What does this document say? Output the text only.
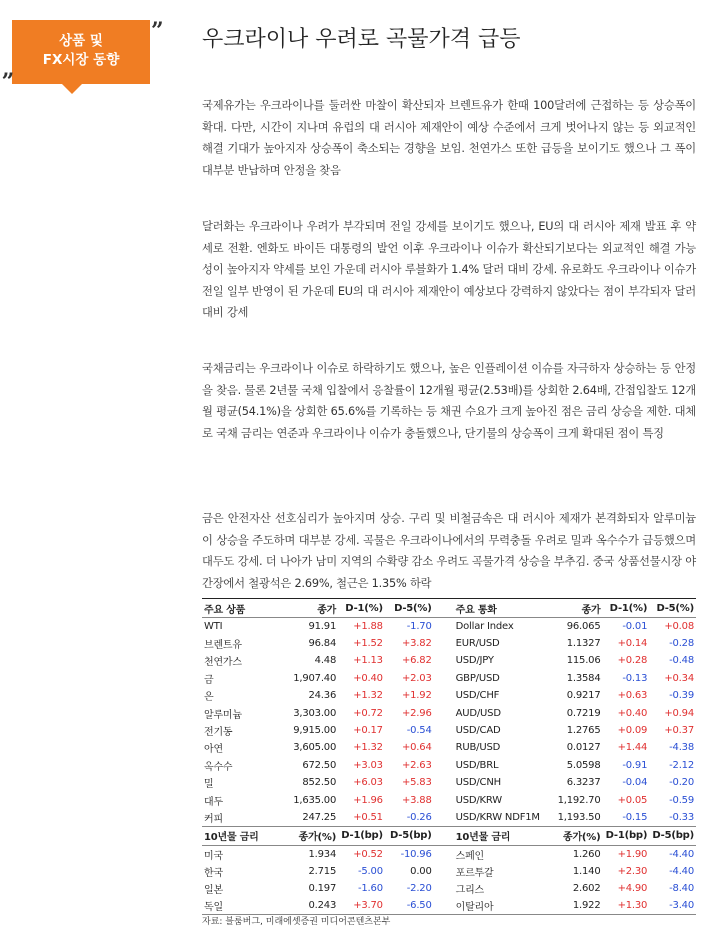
”
상품 및
FX시장 동향
„
우크라이나 우려로 곡물가격 급등

국제유가는 우크라이나를 둘러싼 마찰이 확산되자 브렌트유가 한때 100달러에 근접하는 등 상승폭이 확대. 다만, 시간이 지나며 유럽의 대 러시아 제재안이 예상 수준에서 크게 벗어나지 않는 등 외교적인 해결 기대가 높아지자 상승폭이 축소되는 경향을 보임. 천연가스 또한 급등을 보이기도 했으나 그 폭이 대부분 반납하며 안정을 찾음

달러화는 우크라이나 우려가 부각되며 전일 강세를 보이기도 했으나, EU의 대 러시아 제재 발표 후 약세로 전환. 엔화도 바이든 대통령의 발언 이후 우크라이나 이슈가 확산되기보다는 외교적인 해결 가능성이 높아지자 약세를 보인 가운데 러시아 루블화가 1.4% 달러 대비 강세. 유로화도 우크라이나 이슈가 전일 일부 반영이 된 가운데 EU의 대 러시아 제재안이 예상보다 강력하지 않았다는 점이 부각되자 달러 대비 강세

국채금리는 우크라이나 이슈로 하락하기도 했으나, 높은 인플레이션 이슈를 자극하자 상승하는 등 안정을 찾음. 물론 2년물 국채 입찰에서 응찰률이 12개월 평균(2.53배)를 상회한 2.64배, 간접입찰도 12개월 평균(54.1%)을 상회한 65.6%를 기록하는 등 채권 수요가 크게 높아진 점은 금리 상승을 제한. 대체로 국채 금리는 연준과 우크라이나 이슈가 충돌했으나, 단기물의 상승폭이 크게 확대된 점이 특징

금은 안전자산 선호심리가 높아지며 상승. 구리 및 비철금속은 대 러시아 제재가 본격화되자 알루미늄이 상승을 주도하며 대부분 강세. 곡물은 우크라이나에서의 무력충돌 우려로 밀과 옥수수가 급등했으며 대두도 강세. 더 나아가 남미 지역의 수확량 감소 우려도 곡물가격 상승을 부추김. 중국 상품선물시장 야간장에서 철광석은 2.69%, 철근은 1.35% 하락

주요 상품	종가	D-1(%)	D-5(%)	주요 통화	종가	D-1(%)	D-5(%)
WTI	91.91	+1.88	-1.70	Dollar Index	96.065	-0.01	+0.08
브렌트유	96.84	+1.52	+3.82	EUR/USD	1.1327	+0.14	-0.28
천연가스	4.48	+1.13	+6.82	USD/JPY	115.06	+0.28	-0.48
금	1,907.40	+0.40	+2.03	GBP/USD	1.3584	-0.13	+0.34
은	24.36	+1.32	+1.92	USD/CHF	0.9217	+0.63	-0.39
알루미늄	3,303.00	+0.72	+2.96	AUD/USD	0.7219	+0.40	+0.94
전기동	9,915.00	+0.17	-0.54	USD/CAD	1.2765	+0.09	+0.37
아연	3,605.00	+1.32	+0.64	RUB/USD	0.0127	+1.44	-4.38
옥수수	672.50	+3.03	+2.63	USD/BRL	5.0598	-0.91	-2.12
밀	852.50	+6.03	+5.83	USD/CNH	6.3237	-0.04	-0.20
대두	1,635.00	+1.96	+3.88	USD/KRW	1,192.70	+0.05	-0.59
커피	247.25	+0.51	-0.26	USD/KRW NDF1M	1,193.50	-0.15	-0.33
10년물 금리	종가(%)	D-1(bp)	D-5(bp)	10년물 금리	종가(%)	D-1(bp)	D-5(bp)
미국	1.934	+0.52	-10.96	스페인	1.260	+1.90	-4.40
한국	2.715	-5.00	0.00	포르투갈	1.140	+2.30	-4.40
일본	0.197	-1.60	-2.20	그리스	2.602	+4.90	-8.40
독일	0.243	+3.70	-6.50	이탈리아	1.922	+1.30	-3.40
자료: 블룸버그, 미래에셋증권 미디어콘텐츠본부
